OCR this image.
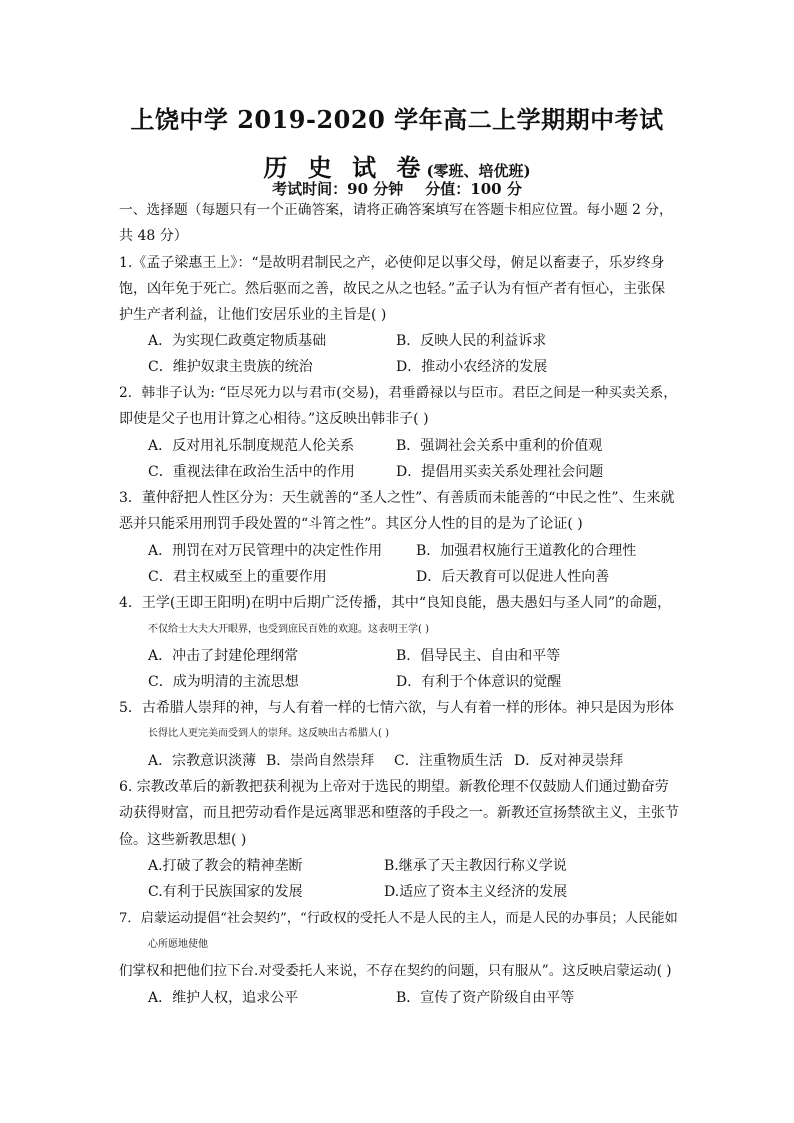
上饶中学 2019-2020 学年高二上学期期中考试
历 史 试 卷(零班、培优班)
考试时间：90 分钟 分值：100 分
一、选择题（每题只有一个正确答案，请将正确答案填写在答题卡相应位置。每小题 2 分，
共 48 分）
1.《孟子梁惠王上》：“是故明君制民之产，必使仰足以事父母，俯足以畜妻子，乐岁终身
饱，凶年免于死亡。然后驱而之善，故民之从之也轻。”孟子认为有恒产者有恒心，主张保
护生产者利益，让他们安居乐业的主旨是( )
A．为实现仁政奠定物质基础	B．反映人民的利益诉求
C．维护奴隶主贵族的统治	D．推动小农经济的发展
2．韩非子认为: “臣尽死力以与君市(交易)，君垂爵禄以与臣市。君臣之间是一种买卖关系，
即使是父子也用计算之心相待。”这反映出韩非子( )
A．反对用礼乐制度规范人伦关系	B．强调社会关系中重利的价值观
C．重视法律在政治生活中的作用	D．提倡用买卖关系处理社会问题
3．董仲舒把人性区分为：天生就善的“圣人之性”、有善质而未能善的“中民之性”、生来就
恶并只能采用刑罚手段处置的“斗筲之性”。其区分人性的目的是为了论证( )
A．刑罚在对万民管理中的决定性作用 B．加强君权施行王道教化的合理性
C．君主权威至上的重要作用	D．后天教育可以促进人性向善
4．王学(王即王阳明)在明中后期广泛传播，其中“良知良能，愚夫愚妇与圣人同”的命题，
不仅给士大夫大开眼界，也受到庶民百姓的欢迎。这表明王学( )
A．冲击了封建伦理纲常	B．倡导民主、自由和平等
C．成为明清的主流思想	D．有利于个体意识的觉醒
5．古希腊人崇拜的神，与人有着一样的七情六欲，与人有着一样的形体。神只是因为形体
长得比人更完美而受到人的崇拜。这反映出古希腊人( )
A．宗教意识淡薄 B．崇尚自然崇拜 C．注重物质生活 D．反对神灵崇拜
6. 宗教改革后的新教把获利视为上帝对于选民的期望。新教伦理不仅鼓励人们通过勤奋劳
动获得财富，而且把劳动看作是远离罪恶和堕落的手段之一。新教还宣扬禁欲主义，主张节
俭。这些新教思想( )
A.打破了教会的精神垄断	B.继承了天主教因行称义学说
C.有利于民族国家的发展	D.适应了资本主义经济的发展
7．启蒙运动提倡“社会契约”，“行政权的受托人不是人民的主人，而是人民的办事员；人民能如
心所愿地使他
们掌权和把他们拉下台.对受委托人来说，不存在契约的问题，只有服从”。这反映启蒙运动( )
A．维护人权，追求公平	B．宣传了资产阶级自由平等
